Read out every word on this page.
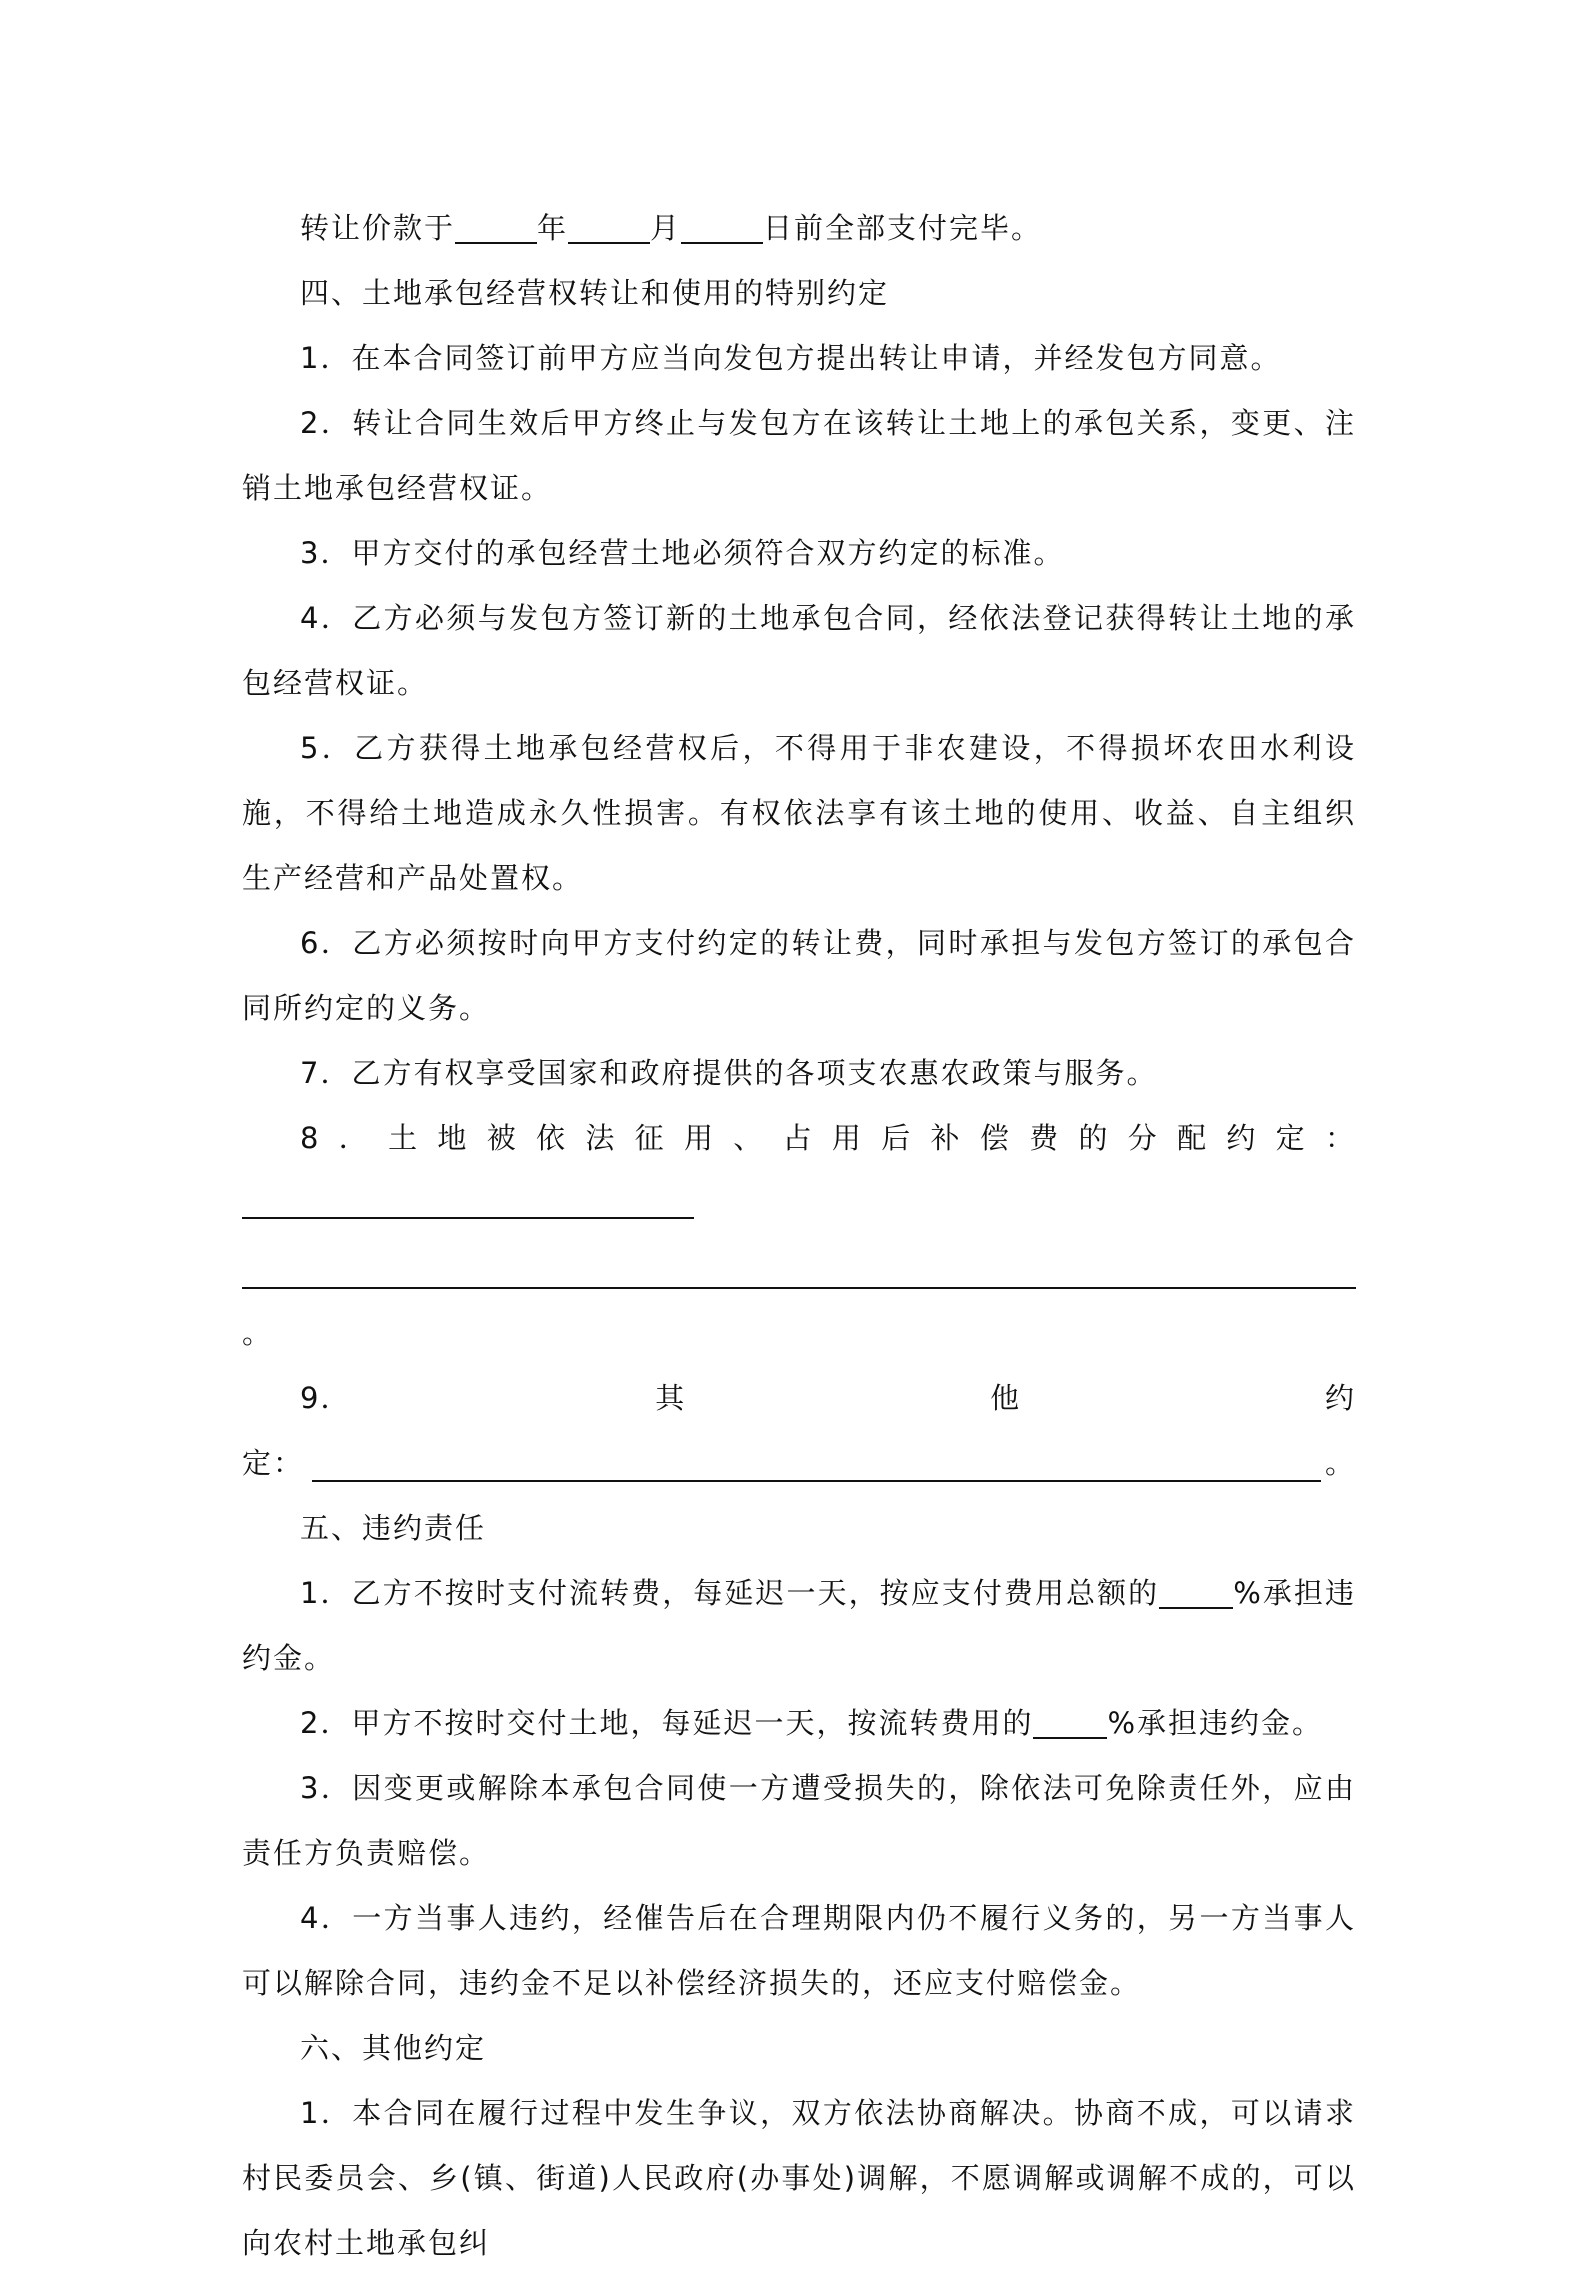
转让价款于	年	月	日前全部支付完毕。

四、土地承包经营权转让和使用的特别约定

1．在本合同签订前甲方应当向发包方提出转让申请，并经发包方同意。

2．转让合同生效后甲方终止与发包方在该转让土地上的承包关系，变更、注销土地承包经营权证。

3．甲方交付的承包经营土地必须符合双方约定的标准。

4．乙方必须与发包方签订新的土地承包合同，经依法登记获得转让土地的承包经营权证。

5．乙方获得土地承包经营权后，不得用于非农建设，不得损坏农田水利设施，不得给土地造成永久性损害。有权依法享有该土地的使用、收益、自主组织生产经营和产品处置权。

6．乙方必须按时向甲方支付约定的转让费，同时承担与发包方签订的承包合同所约定的义务。

7．乙方有权享受国家和政府提供的各项支农惠农政策与服务。

8．土地被依法征用、占用后补偿费的分配约定：

。

9．	其	他	约
定：	。

五、违约责任

1．乙方不按时支付流转费，每延迟一天，按应支付费用总额的	%承担违约金。

2．甲方不按时交付土地，每延迟一天，按流转费用的	%承担违约金。

3．因变更或解除本承包合同使一方遭受损失的，除依法可免除责任外，应由责任方负责赔偿。

4．一方当事人违约，经催告后在合理期限内仍不履行义务的，另一方当事人可以解除合同，违约金不足以补偿经济损失的，还应支付赔偿金。

六、其他约定

1．本合同在履行过程中发生争议，双方依法协商解决。协商不成，可以请求村民委员会、乡(镇、街道)人民政府(办事处)调解，不愿调解或调解不成的，可以向农村土地承包纠
